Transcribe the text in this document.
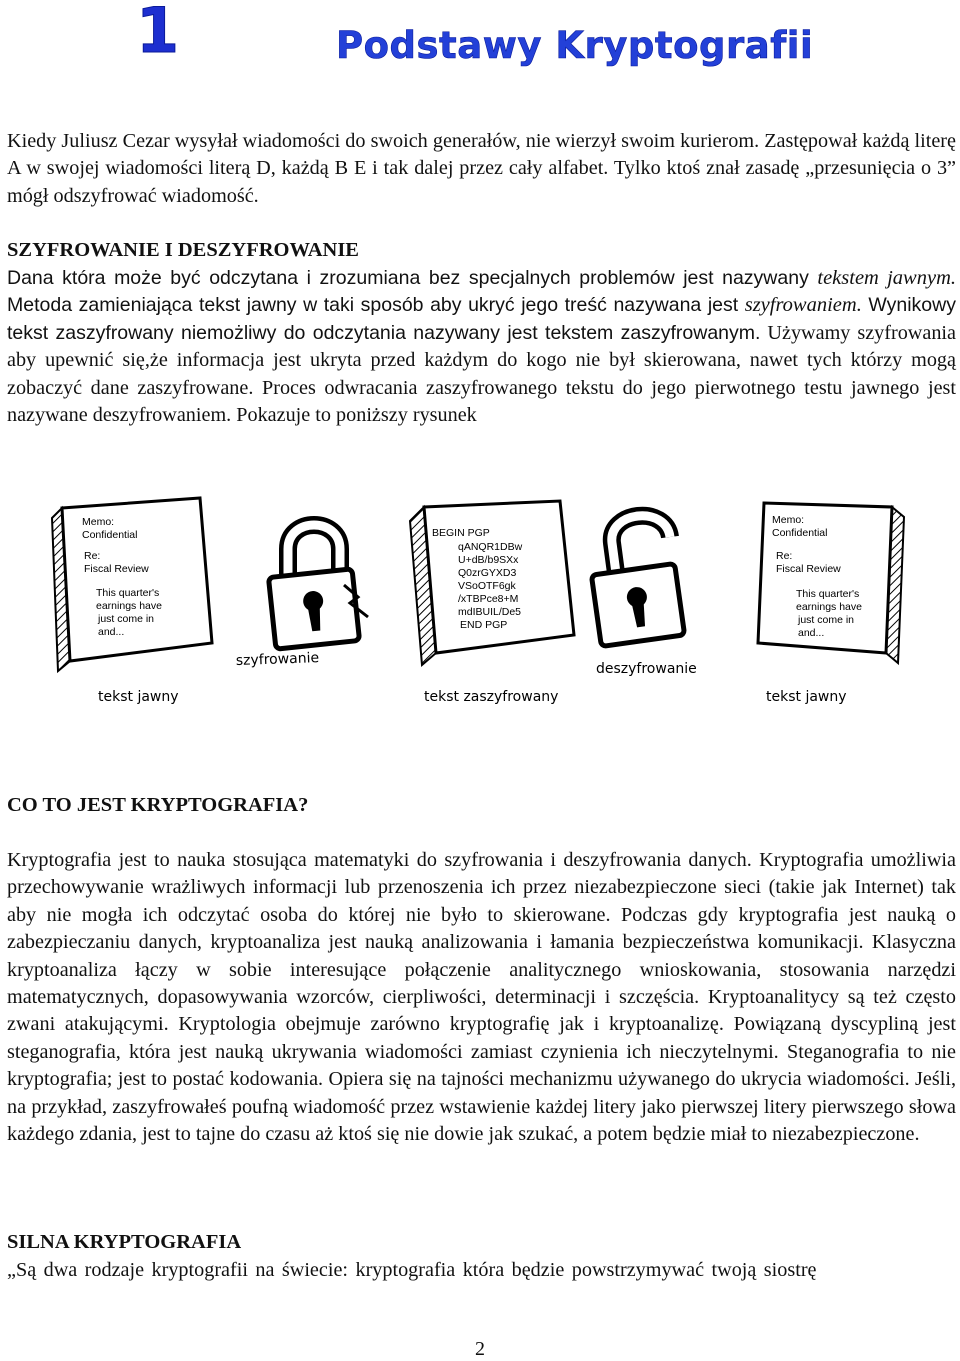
1	Podstawy Kryptografii

Kiedy Juliusz Cezar wysyłał wiadomości do swoich generałów, nie wierzył swoim kurierom. Zastępował każdą literę A w swojej wiadomości literą D, każdą B E i tak dalej przez cały alfabet. Tylko ktoś znał zasadę „przesunięcia o 3” mógł odszyfrować wiadomość.

SZYFROWANIE I DESZYFROWANIE

Dana która może być odczytana i zrozumiana bez specjalnych problemów jest nazywany tekstem jawnym. Metoda zamieniająca tekst jawny w taki sposób aby ukryć jego treść nazywana jest szyfrowaniem. Wynikowy tekst zaszyfrowany niemożliwy do odczytania nazywany jest tekstem zaszyfrowanym. Używamy szyfrowania aby upewnić się,że informacja jest ukryta przed każdym do kogo nie był skierowana, nawet tych którzy mogą zobaczyć dane zaszyfrowane. Proces odwracania zaszyfrowanego tekstu do jego pierwotnego testu jawnego jest nazywane deszyfrowaniem. Pokazuje to poniższy rysunek

Memo:
Confidential
Re:
Fiscal Review
This quarter's
earnings have
just come in
and...
szyfrowanie
BEGIN PGP
qANQR1DBw
U+dB/b9SXx
Q0zrGYXD3
VSoOTF6gk
/xTBPce8+M
mdIBUIL/De5
END PGP
deszyfrowanie
Memo:
Confidential
Re:
Fiscal Review
This quarter's
earnings have
just come in
and...
tekst jawny	tekst zaszyfrowany	tekst jawny

CO TO JEST KRYPTOGRAFIA?

Kryptografia jest to nauka stosująca matematyki do szyfrowania i deszyfrowania danych. Kryptografia umożliwia przechowywanie wrażliwych informacji lub przenoszenia ich przez niezabezpieczone sieci (takie jak Internet) tak aby nie mogła ich odczytać osoba do której nie było to skierowane. Podczas gdy kryptografia jest nauką o zabezpieczaniu danych, kryptoanaliza jest nauką analizowania i łamania bezpieczeństwa komunikacji. Klasyczna kryptoanaliza łączy w sobie interesujące połączenie analitycznego wnioskowania, stosowania narzędzi matematycznych, dopasowywania wzorców, cierpliwości, determinacji i szczęścia. Kryptoanalitycy są też często zwani atakującymi. Kryptologia obejmuje zarówno kryptografię jak i kryptoanalizę. Powiązaną dyscypliną jest steganografia, która jest nauką ukrywania wiadomości zamiast czynienia ich nieczytelnymi. Steganografia to nie kryptografia; jest to postać kodowania. Opiera się na tajności mechanizmu używanego do ukrycia wiadomości. Jeśli, na przykład, zaszyfrowałeś poufną wiadomość przez wstawienie każdej litery jako pierwszej litery pierwszego słowa każdego zdania, jest to tajne do czasu aż ktoś się nie dowie jak szukać, a potem będzie miał to niezabezpieczone.

SILNA KRYPTOGRAFIA

„Są dwa rodzaje kryptografii na świecie: kryptografia która będzie powstrzymywać twoją siostrę

2
